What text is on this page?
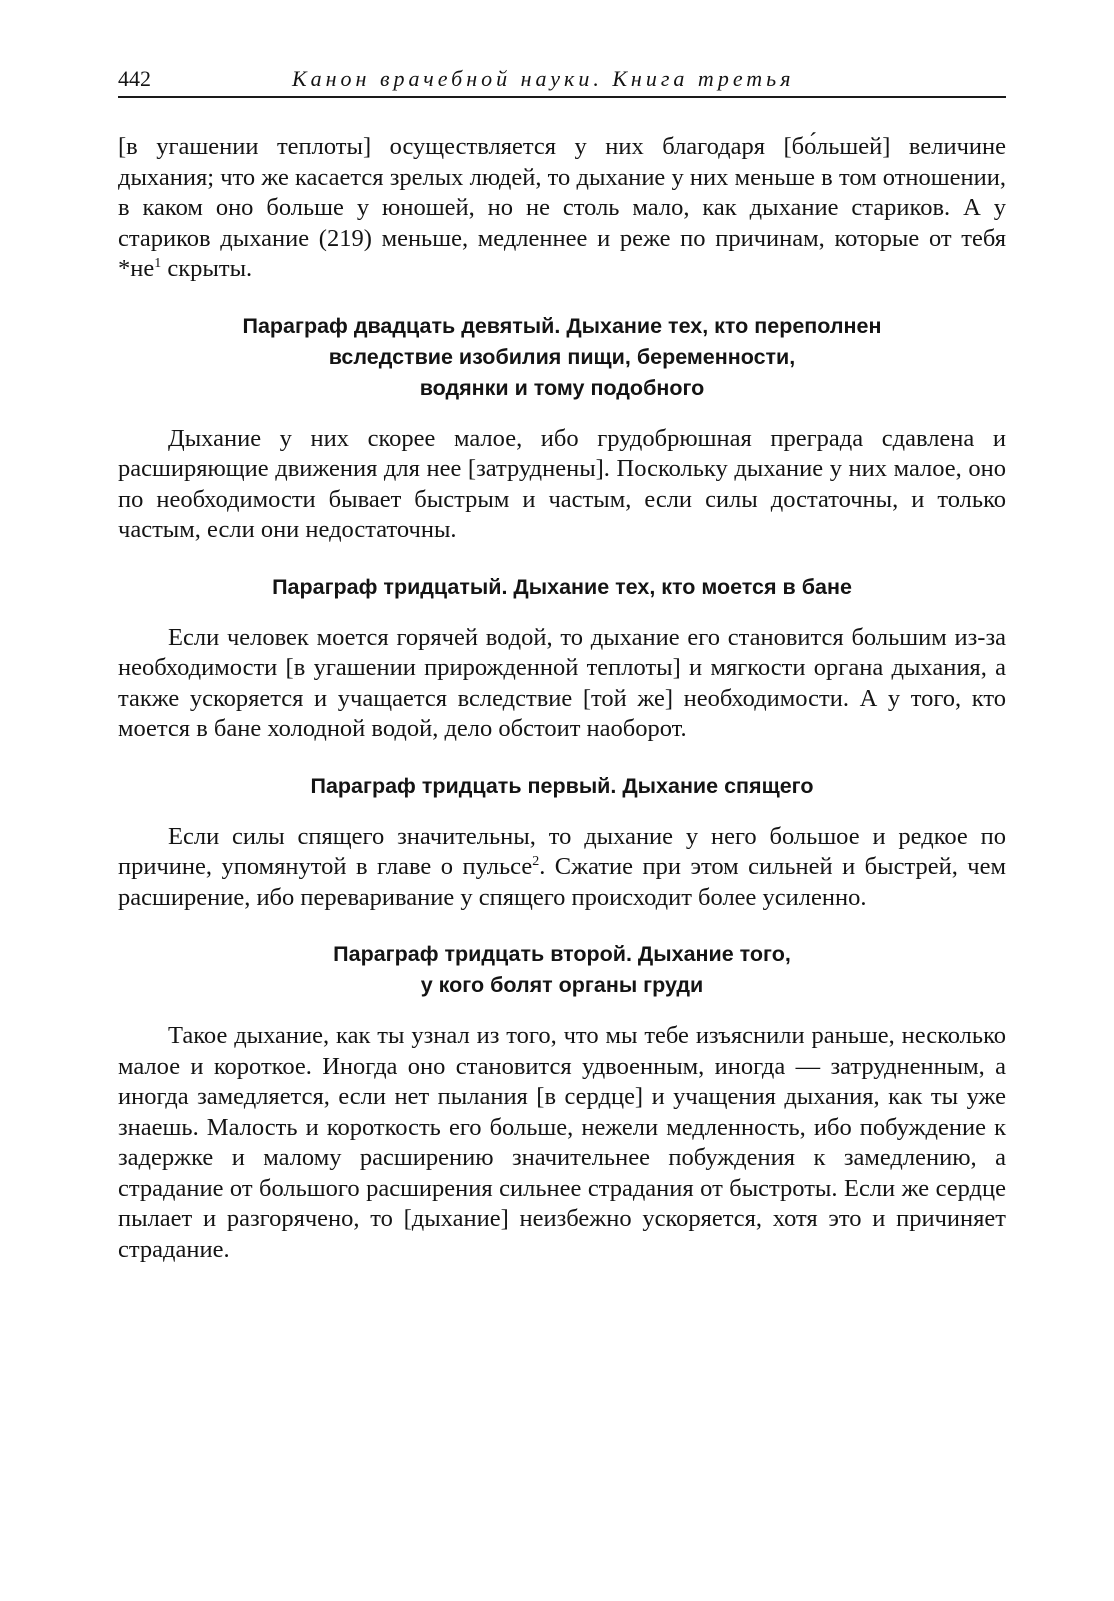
442	Канон врачебной науки. Книга третья

[в угашении теплоты] осуществляется у них благодаря [бо́льшей] величине дыхания; что же касается зрелых людей, то дыхание у них меньше в том отношении, в каком оно больше у юношей, но не столь мало, как дыхание стариков. А у стариков дыхание (219) меньше, медленнее и реже по причинам, которые от тебя $*не^1$ скрыты.

Параграф двадцать девятый. Дыхание тех, кто переполнен
вследствие изобилия пищи, беременности,
водянки и тому подобного

Дыхание у них скорее малое, ибо грудобрюшная преграда сдавлена и расширяющие движения для нее [затруднены]. Поскольку дыхание у них малое, оно по необходимости бывает быстрым и частым, если силы достаточны, и только частым, если они недостаточны.

Параграф тридцатый. Дыхание тех, кто моется в бане

Если человек моется горячей водой, то дыхание его становится большим из-за необходимости [в угашении прирожденной теплоты] и мягкости органа дыхания, а также ускоряется и учащается вследствие [той же] необходимости. А у того, кто моется в бане холодной водой, дело обстоит наоборот.

Параграф тридцать первый. Дыхание спящего

Если силы спящего значительны, то дыхание у него большое и редкое по причине, упомянутой в главе о пульсе$^2$. Сжатие при этом сильней и быстрей, чем расширение, ибо переваривание у спящего происходит более усиленно.

Параграф тридцать второй. Дыхание того,
у кого болят органы груди

Такое дыхание, как ты узнал из того, что мы тебе изъяснили раньше, несколько малое и короткое. Иногда оно становится удвоенным, иногда — затрудненным, а иногда замедляется, если нет пылания [в сердце] и учащения дыхания, как ты уже знаешь. Малость и короткость его больше, нежели медленность, ибо побуждение к задержке и малому расширению значительнее побуждения к замедлению, а страдание от большого расширения сильнее страдания от быстроты. Если же сердце пылает и разгорячено, то [дыхание] неизбежно ускоряется, хотя это и причиняет страдание.
